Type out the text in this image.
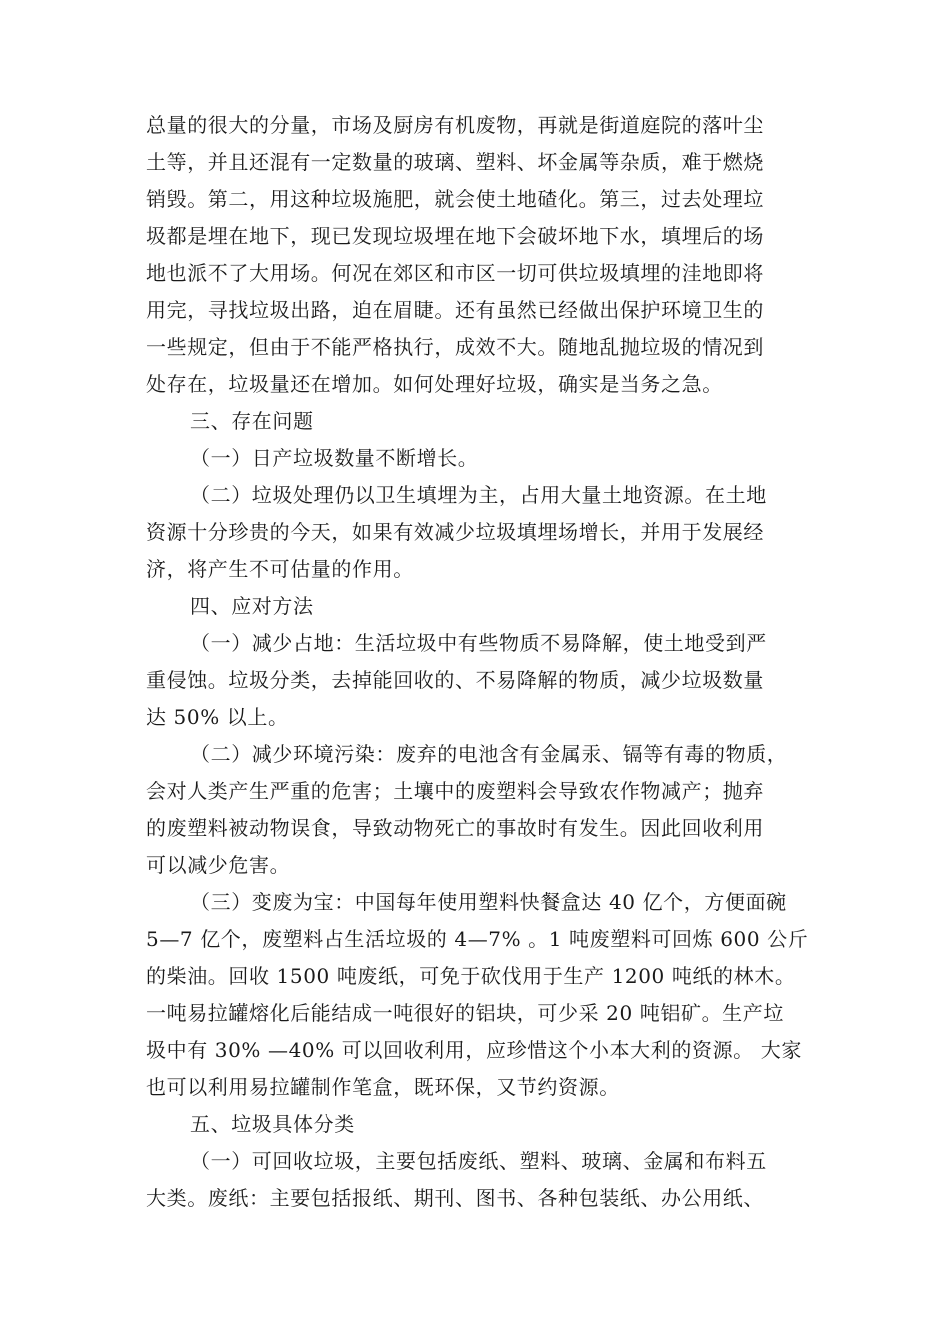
总量的很大的分量，市场及厨房有机废物，再就是街道庭院的落叶尘
土等，并且还混有一定数量的玻璃、塑料、坏金属等杂质，难于燃烧
销毁。第二，用这种垃圾施肥，就会使土地碴化。第三，过去处理垃
圾都是埋在地下，现已发现垃圾埋在地下会破坏地下水，填埋后的场
地也派不了大用场。何况在郊区和市区一切可供垃圾填埋的洼地即将
用完，寻找垃圾出路，迫在眉睫。还有虽然已经做出保护环境卫生的
一些规定，但由于不能严格执行，成效不大。随地乱抛垃圾的情况到
处存在，垃圾量还在增加。如何处理好垃圾，确实是当务之急。
三、存在问题
（一）日产垃圾数量不断增长。
（二）垃圾处理仍以卫生填埋为主，占用大量土地资源。在土地
资源十分珍贵的今天，如果有效减少垃圾填埋场增长，并用于发展经
济，将产生不可估量的作用。
四、应对方法
（一）减少占地：生活垃圾中有些物质不易降解，使土地受到严
重侵蚀。垃圾分类，去掉能回收的、不易降解的物质，减少垃圾数量
达 50% 以上。
（二）减少环境污染：废弃的电池含有金属汞、镉等有毒的物质，
会对人类产生严重的危害；土壤中的废塑料会导致农作物减产；抛弃
的废塑料被动物误食，导致动物死亡的事故时有发生。因此回收利用
可以减少危害。
（三）变废为宝：中国每年使用塑料快餐盒达 40 亿个，方便面碗
5—7 亿个，废塑料占生活垃圾的 4—7% 。1 吨废塑料可回炼 600 公斤
的柴油。回收 1500 吨废纸，可免于砍伐用于生产 1200 吨纸的林木。
一吨易拉罐熔化后能结成一吨很好的铝块，可少采 20 吨铝矿。生产垃
圾中有 30% —40% 可以回收利用，应珍惜这个小本大利的资源。 大家
也可以利用易拉罐制作笔盒，既环保，又节约资源。
五、垃圾具体分类
（一）可回收垃圾，主要包括废纸、塑料、玻璃、金属和布料五
大类。废纸：主要包括报纸、期刊、图书、各种包装纸、办公用纸、
